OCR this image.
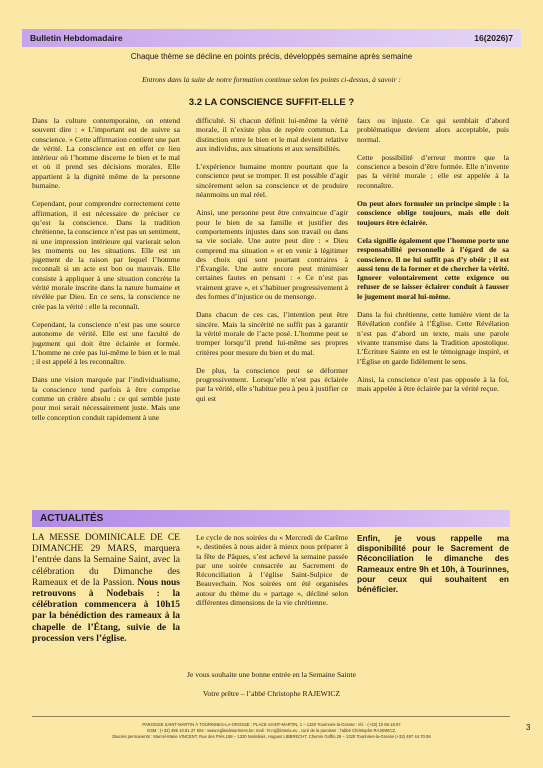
Bulletin Hebdomadaire	16(2026)7
Chaque thème se décline en points précis, développés semaine après semaine
Entrons dans la suite de notre formation continue selon les points ci-dessus, à savoir :
3.2 LA CONSCIENCE SUFFIT-ELLE ?

Dans la culture contemporaine, on entend souvent dire : « L’important est de suivre sa conscience. » Cette affirmation contient une part de vérité. La conscience est en effet ce lieu intérieur où l’homme discerne le bien et le mal et où il prend ses décisions morales. Elle appartient à la dignité même de la personne humaine.

Cependant, pour comprendre correctement cette affirmation, il est nécessaire de préciser ce qu’est la conscience. Dans la tradition chrétienne, la conscience n’est pas un sentiment, ni une impression intérieure qui varierait selon les moments ou les situations. Elle est un jugement de la raison par lequel l’homme reconnaît si un acte est bon ou mauvais. Elle consiste à appliquer à une situation concrète la vérité morale inscrite dans la nature humaine et révélée par Dieu. En ce sens, la conscience ne crée pas la vérité : elle la reconnaît.

Cependant, la conscience n’est pas une source autonome de vérité. Elle est une faculté de jugement qui doit être éclairée et formée. L’homme ne crée pas lui-même le bien et le mal ; il est appelé à les reconnaître.

Dans une vision marquée par l’individualisme, la conscience tend parfois à être comprise comme un critère absolu : ce qui semble juste pour moi serait nécessairement juste. Mais une telle conception conduit rapidement à une

difficulté. Si chacun définit lui-même la vérité morale, il n’existe plus de repère commun. La distinction entre le bien et le mal devient relative aux individus, aux situations et aux sensibilités.

L’expérience humaine montre pourtant que la conscience peut se tromper. Il est possible d’agir sincèrement selon sa conscience et de produire néanmoins un mal réel.

Ainsi, une personne peut être convaincue d’agir pour le bien de sa famille et justifier des comportements injustes dans son travail ou dans sa vie sociale. Une autre peut dire : « Dieu comprend ma situation » et en venir à légitimer des choix qui sont pourtant contraires à l’Évangile. Une autre encore peut minimiser certaines fautes en pensant : « Ce n’est pas vraiment grave », et s’habituer progressivement à des formes d’injustice ou de mensonge.

Dans chacun de ces cas, l’intention peut être sincère. Mais la sincérité ne suffit pas à garantir la vérité morale de l’acte posé. L’homme peut se tromper lorsqu’il prend lui-même ses propres critères pour mesure du bien et du mal.

De plus, la conscience peut se déformer progressivement. Lorsqu’elle n’est pas éclairée par la vérité, elle s’habitue peu à peu à justifier ce qui est

faux ou injuste. Ce qui semblait d’abord problématique devient alors acceptable, puis normal.

Cette possibilité d’erreur montre que la conscience a besoin d’être formée. Elle n’invente pas la vérité morale ; elle est appelée à la reconnaître.

On peut alors formuler un principe simple : la conscience oblige toujours, mais elle doit toujours être éclairée.

Cela signifie également que l’homme porte une responsabilité personnelle à l’égard de sa conscience. Il ne lui suffit pas d’y obéir ; il est aussi tenu de la former et de chercher la vérité. Ignorer volontairement cette exigence ou refuser de se laisser éclairer conduit à fausser le jugement moral lui-même.

Dans la foi chrétienne, cette lumière vient de la Révélation confiée à l’Église. Cette Révélation n’est pas d’abord un texte, mais une parole vivante transmise dans la Tradition apostolique. L’Écriture Sainte en est le témoignage inspiré, et l’Église en garde fidèlement le sens.

Ainsi, la conscience n’est pas opposée à la foi, mais appelée à être éclairée par la vérité reçue.

ACTUALITÉS
LA MESSE DOMINICALE DE CE DIMANCHE 29 MARS, marquera l’entrée dans la Semaine Saint, avec la célébration du Dimanche des Rameaux et de la Passion. Nous nous retrouvons à Nodebais : la célébration commencera à 10h15 par la bénédiction des rameaux à la chapelle de l’Étang, suivie de la procession vers l’église.
Le cycle de nos soirées du « Mercredi de Carême », destinées à nous aider à mieux nous préparer à la fête de Pâques, s’est achevé la semaine passée par une soirée consacrée au Sacrement de Réconciliation à l’église Saint-Sulpice de Beauvechain. Nos soirées ont été organisées autour du thème du « partage », décliné selon différentes dimensions de la vie chrétienne.
Enfin, je vous rappelle ma disponibilité pour le Sacrement de Réconciliation le dimanche des Rameaux entre 9h et 10h, à Tourinnes, pour ceux qui souhaitent en bénéficier.
Je vous souhaite une bonne entrée en la Semaine Sainte
Votre prêtre – l’abbé Christophe RAJEWICZ
3
PAROISSE SAINT-MARTIN À TOURINNES-LA-GROSSE ; PLACE SAINT-MARTIN, 1 – 1320 Tourinnes-la-Grosse : tél. : (+32) 10 86.18.57
GSM : (+32) 495 10.81.37 Site : www.egliseàtourinnes.be; mail : R.roj@interia.eu , curé de la paroisse : l’abbé Christophe RAJEWICZ,
Diacres permanents : Marcel-Marie VINCENT, Rue des Prés,168 – 1320 Nodebais, Hugues LIBBRECHT, Chemin Goffin,29 – 1320 Tourinnes-la-Grosse (+32) 497 44.70.06
